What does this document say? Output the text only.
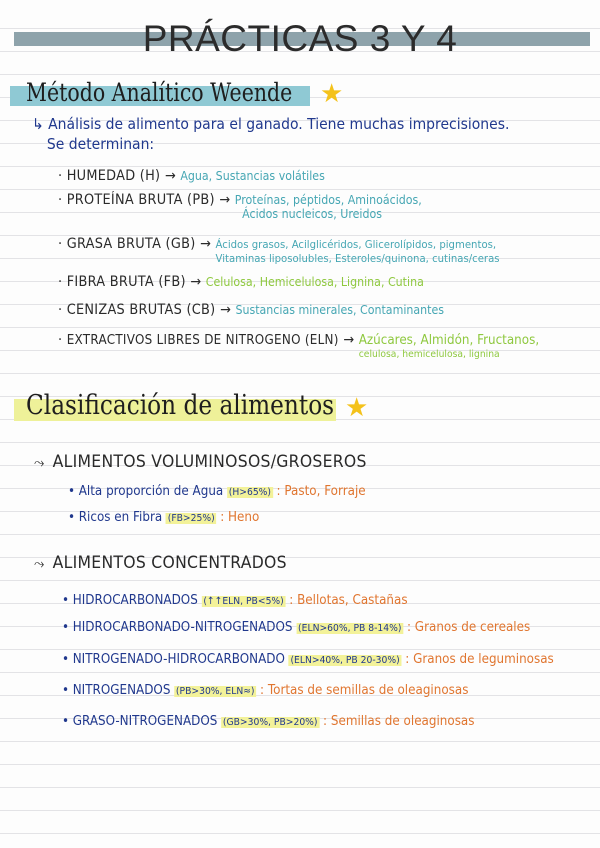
PRÁCTICAS 3 Y 4
Método Analítico Weende ★
↳ Análisis de alimento para el ganado. Tiene muchas imprecisiones.
Se determinan:
· HUMEDAD (H) → Agua, Sustancias volátiles
· PROTEÍNA BRUTA (PB) → Proteínas, péptidos, Aminoácidos,
Ácidos nucleicos, Ureidos
· GRASA BRUTA (GB) → Ácidos grasos, Acilglicéridos, Glicerolípidos, pigmentos,
Vitaminas liposolubles, Esteroles/quinona, cutinas/ceras
· FIBRA BRUTA (FB) → Celulosa, Hemicelulosa, Lignina, Cutina
· CENIZAS BRUTAS (CB) → Sustancias minerales, Contaminantes
· EXTRACTIVOS LIBRES DE NITROGENO (ELN) → Azúcares, Almidón, Fructanos,
celulosa, hemicelulosa, lignina
Clasificación de alimentos ★
⤳ ALIMENTOS VOLUMINOSOS/GROSEROS
• Alta proporción de Agua (H>65%) : Pasto, Forraje
• Ricos en Fibra (FB>25%) : Heno
⤳ ALIMENTOS CONCENTRADOS
• HIDROCARBONADOS (↑↑ELN, PB<5%) : Bellotas, Castañas
• HIDROCARBONADO-NITROGENADOS (ELN>60%, PB 8-14%) : Granos de cereales
• NITROGENADO-HIDROCARBONADO (ELN>40%, PB 20-30%) : Granos de leguminosas
• NITROGENADOS (PB>30%, ELN≈) : Tortas de semillas de oleaginosas
• GRASO-NITROGENADOS (GB>30%, PB>20%) : Semillas de oleaginosas
